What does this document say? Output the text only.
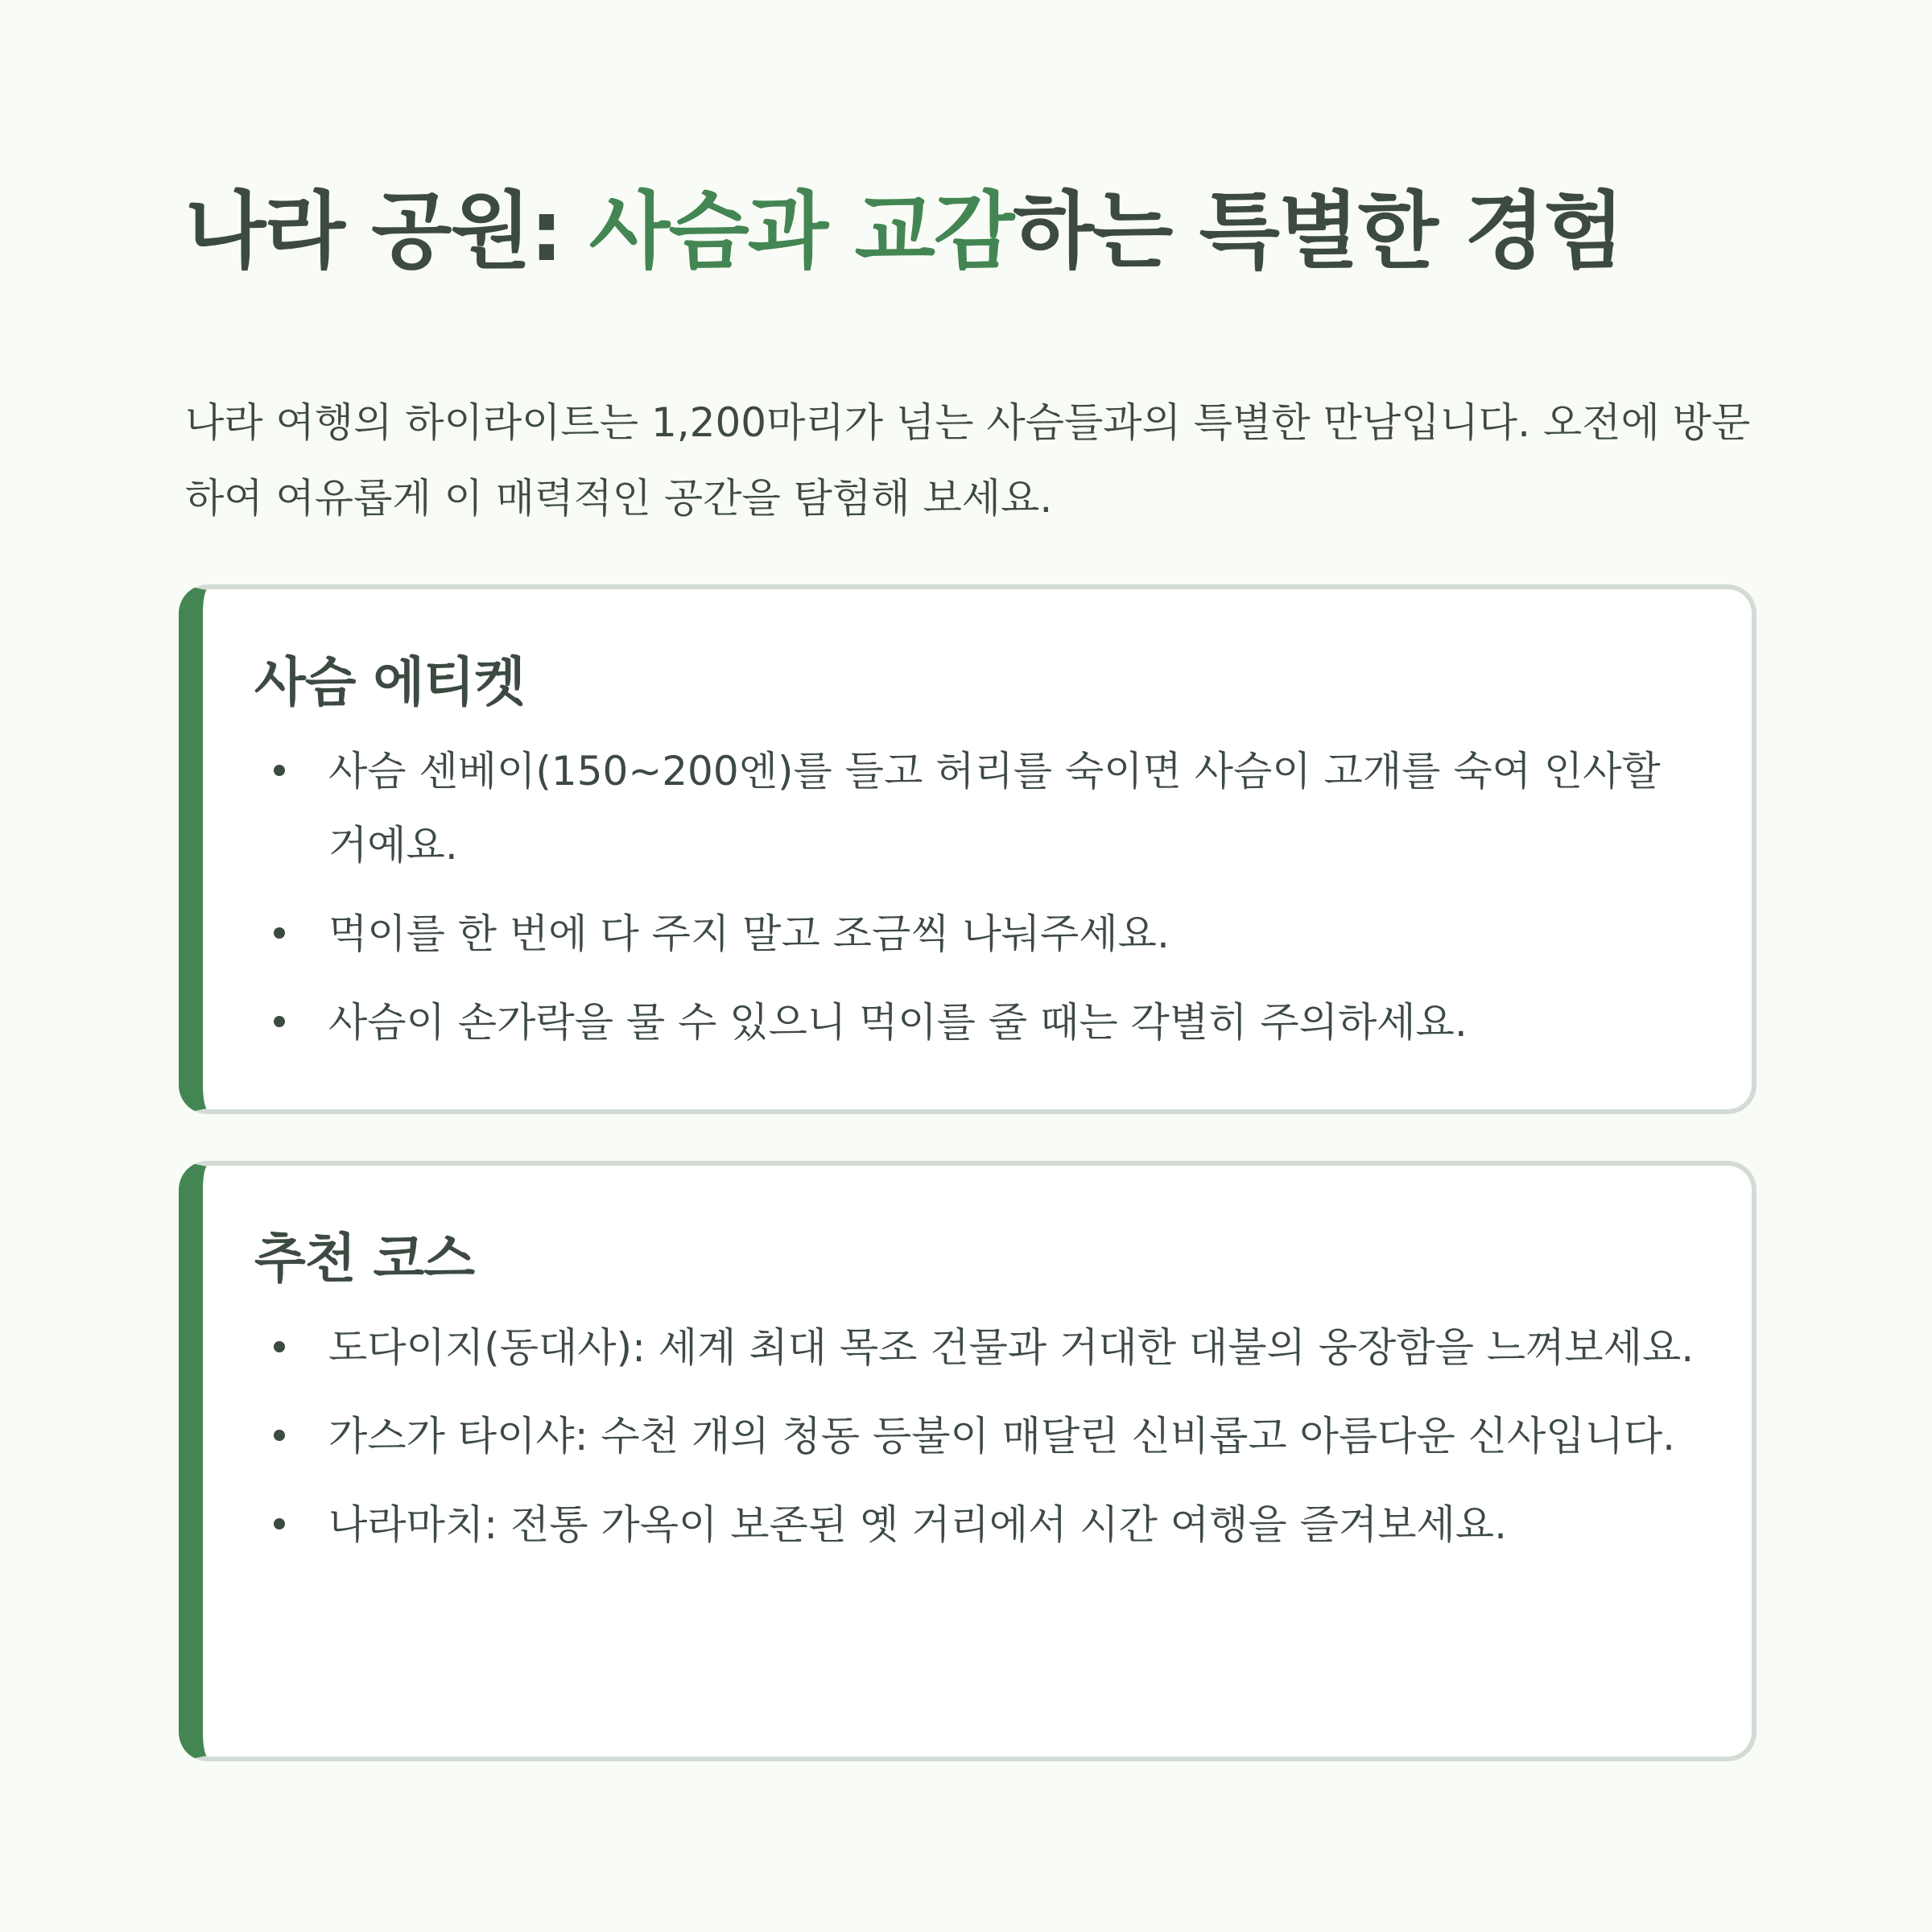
나라 공원: 사슴과 교감하는 특별한 경험

나라 여행의 하이라이트는 1,200마리가 넘는 사슴들과의 특별한 만남입니다. 오전에 방문하여 여유롭게 이 매력적인 공간을 탐험해 보세요.

사슴 에티켓
사슴 센베이(150~200엔)를 들고 허리를 숙이면 사슴이 고개를 숙여 인사할 거예요.
먹이를 한 번에 다 주지 말고 조금씩 나눠주세요.
사슴이 손가락을 물 수 있으니 먹이를 줄 때는 각별히 주의하세요.
추천 코스
도다이지(동대사): 세계 최대 목조 건물과 거대한 대불의 웅장함을 느껴보세요.
가스가 타이샤: 수천 개의 청동 등불이 매달린 신비롭고 아름다운 신사입니다.
나라마치: 전통 가옥이 보존된 옛 거리에서 시간 여행을 즐겨보세요.
